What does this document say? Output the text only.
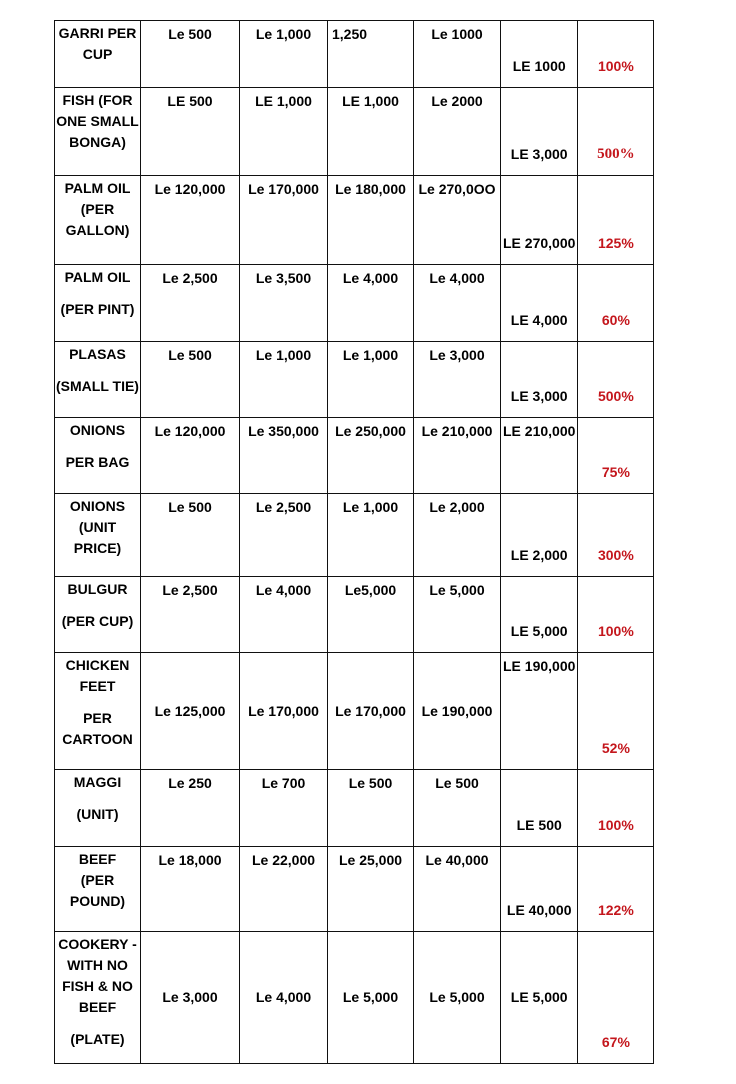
GARRI PER
CUP	Le 500	Le 1,000	1,250	Le 1000	LE 1000	100%

FISH (FOR
ONE SMALL
BONGA)	LE 500	LE 1,000	LE 1,000	Le 2000	LE 3,000	500%

PALM OIL
(PER
GALLON)	Le 120,000	Le 170,000	Le 180,000	Le 270,0OO	LE 270,000	125%

PALM OIL
(PER PINT)	Le 2,500	Le 3,500	Le 4,000	Le 4,000	LE 4,000	60%

PLASAS
(SMALL TIE)	Le 500	Le 1,000	Le 1,000	Le 3,000	LE 3,000	500%

ONIONS
PER BAG	Le 120,000	Le 350,000	Le 250,000	Le 210,000	LE 210,000	75%

ONIONS
(UNIT
PRICE)	Le 500	Le 2,500	Le 1,000	Le 2,000	LE 2,000	300%

BULGUR
(PER CUP)	Le 2,500	Le 4,000	Le5,000	Le 5,000	LE 5,000	100%

CHICKEN
FEET
PER
CARTOON	Le 125,000	Le 170,000	Le 170,000	Le 190,000	LE 190,000	52%

MAGGI
(UNIT)	Le 250	Le 700	Le 500	Le 500	LE 500	100%

BEEF
(PER
POUND)	Le 18,000	Le 22,000	Le 25,000	Le 40,000	LE 40,000	122%

COOKERY -
WITH NO
FISH & NO
BEEF
(PLATE)	Le 3,000	Le 4,000	Le 5,000	Le 5,000	LE 5,000	67%
